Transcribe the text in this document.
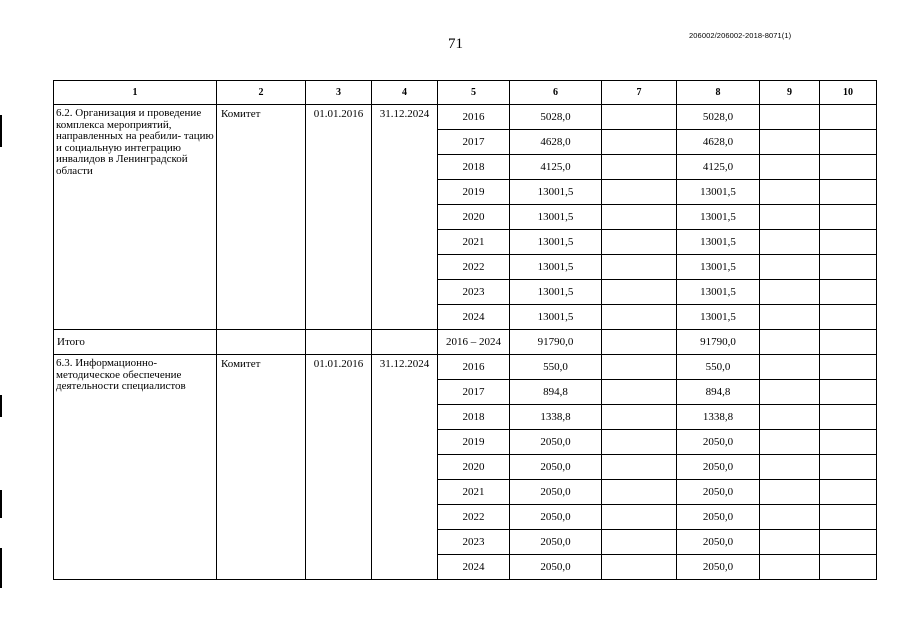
71
206002/206002-2018-8071(1)
1	2	3	4	5	6	7	8	9	10
6.2. Организация и проведение комплекса мероприятий, направленных на реабили- тацию и социальную интеграцию инвалидов в Ленинградской области	Комитет	01.01.2016	31.12.2024	2016	5028,0		5028,0		
				2017	4628,0		4628,0		
				2018	4125,0		4125,0		
				2019	13001,5		13001,5		
				2020	13001,5		13001,5		
				2021	13001,5		13001,5		
				2022	13001,5		13001,5		
				2023	13001,5		13001,5		
				2024	13001,5		13001,5		
Итого				2016 – 2024	91790,0		91790,0		
6.3. Информационно- методическое обеспечение деятельности специалистов	Комитет	01.01.2016	31.12.2024	2016	550,0		550,0		
				2017	894,8		894,8		
				2018	1338,8		1338,8		
				2019	2050,0		2050,0		
				2020	2050,0		2050,0		
				2021	2050,0		2050,0		
				2022	2050,0		2050,0		
				2023	2050,0		2050,0		
				2024	2050,0		2050,0		
